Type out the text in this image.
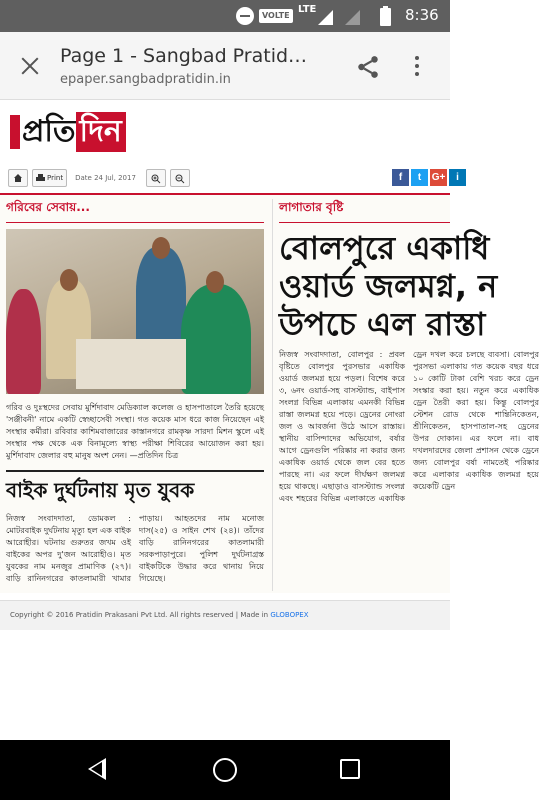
VOLTE
LTE	8:36
Page 1 - Sangbad Pratid…
epaper.sangbadpratidin.in
প্রতি দিন
Print Date 24 Jul, 2017	f	t	G+	i
গরিবের সেবায়...
গরিব ও দুঃস্থদের সেবায় মুর্শিদাবাদ মেডিক্যাল কলেজ ও হাসপাতালে তৈরি হয়েছে 'সঞ্জীবনী' নামে একটি স্বেচ্ছাসেবী সংস্থা। গত কয়েক মাস ধরে কাজ নিয়েছেন এই সংস্থার কর্মীরা। রবিবার কাশিমবাজারের কাস্তানগরে রামকৃষ্ণ সারদা মিশন স্কুলে এই সংস্থার পক্ষ থেকে এক বিনামূল্যে স্বাস্থ্য পরীক্ষা শিবিরের আয়োজন করা হয়। মুর্শিদাবাদ জেলার বহু মানুষ অংশ নেন। —প্রতিদিন চিত্র
বাইক দুর্ঘটনায় মৃত যুবক
নিজস্ব সংবাদদাতা, ডোমকল : মোটরবাইক দুর্ঘটনায় মৃত্যু হল এক বাইক আরোহীর। ঘটনায় গুরুতর জখম ওই বাইকের অপর দু'জন আরোহীও। মৃত যুবকের নাম মনজুর প্রামাণিক (২৭)। বাড়ি রানিনগরের কাতলামারী খামার পাড়ায়। আহতদের নাম মনোজ দাস(২৫) ও সাইন শেখ (২৪)। তাঁদের বাড়ি রানিনগরের কাতলামারী সরকপাড়াপুরে। পুলিশ দুর্ঘটনাগ্রস্ত বাইকটিকে উদ্ধার করে থানায় নিয়ে গিয়েছে।
লাগাতার বৃষ্টি
বোলপুরে একাধি
ওয়ার্ড জলমগ্ন, ন
উপচে এল রাস্তা
নিজস্ব সংবাদদাতা, বোলপুর : প্রবল বৃষ্টিতে বোলপুর পুরসভার একাধিক ওয়ার্ড জলমগ্ন হয়ে পড়ল। বিশেষ করে ৩, ৬নং ওয়ার্ড-সহ বাসস্ট্যান্ড, বাইপাস সংলগ্ন বিভিন্ন এলাকায় এমনকী বিভিন্ন রাস্তা জলমগ্ন হয়ে পড়ে। ড্রেনের নোংরা জল ও আবর্জনা উঠে আসে রাস্তায়। স্থানীয় বাসিন্দাদের অভিযোগ, বর্ষার আগে ড্রেনগুলি পরিষ্কার না করার জন্য একাধিক ওয়ার্ড থেকে জল বের হতে পারছে না। এর ফলে দীর্ঘক্ষণ জলমগ্ন হয়ে থাকছে। এছাড়াও বাসস্ট্যান্ড সংলগ্ন এবং শহরের বিভিন্ন এলাকাতে একাধিক ড্রেন দখল করে চলছে ব্যবসা। বোলপুর পুরসভা এলাকায় গত কয়েক বছর ধরে ১০ কোটি টাকা বেশি খরচ করে ড্রেন সংস্কার করা হয়। নতুন করে একাধিক ড্রেন তৈরী করা হয়। কিন্তু বোলপুর স্টেশন রোড থেকে শান্তিনিকেতন, শ্রীনিকেতন, হাসপাতাল-সহ ড্রেনের উপর দোকান। এর ফলে না। বাধ দখলদারদের জেলা প্রশাসন থেকে ড্রেনে জন্য বোলপুর বর্ষা নামতেই পরিষ্কার করে এলাকার একাধিক জলমগ্ন হয়ে কয়েকটি ড্রেন
Copyright © 2016 Pratidin Prakasani Pvt Ltd. All rights reserved | Made in GLOBOPEX
